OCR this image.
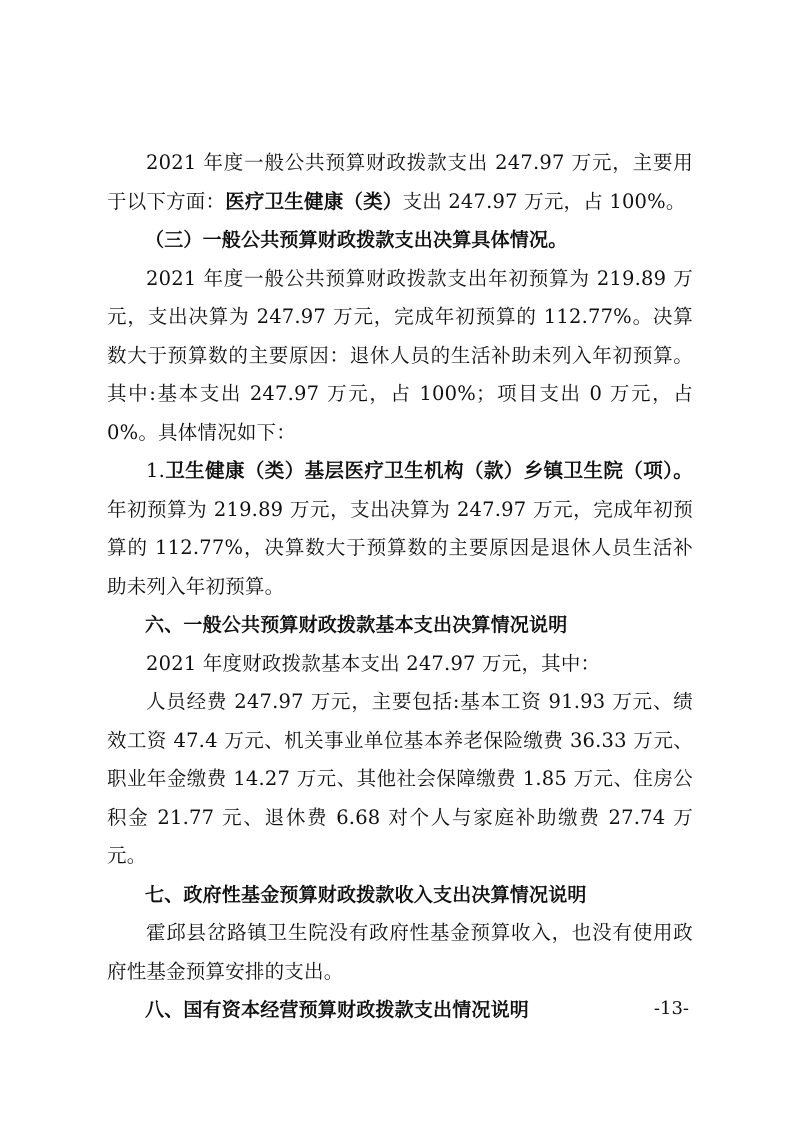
2021 年度一般公共预算财政拨款支出 247.97 万元，主要用于以下方面：医疗卫生健康（类）支出 247.97 万元，占 100%。

（三）一般公共预算财政拨款支出决算具体情况。

2021 年度一般公共预算财政拨款支出年初预算为 219.89 万元，支出决算为 247.97 万元，完成年初预算的 112.77%。决算数大于预算数的主要原因：退休人员的生活补助未列入年初预算。其中:基本支出 247.97 万元，占 100%；项目支出 0 万元，占 0%。具体情况如下：

1.卫生健康（类）基层医疗卫生机构（款）乡镇卫生院（项）。年初预算为 219.89 万元，支出决算为 247.97 万元，完成年初预算的 112.77%，决算数大于预算数的主要原因是退休人员生活补助未列入年初预算。

六、一般公共预算财政拨款基本支出决算情况说明

2021 年度财政拨款基本支出 247.97 万元，其中：

人员经费 247.97 万元，主要包括:基本工资 91.93 万元、绩效工资 47.4 万元、机关事业单位基本养老保险缴费 36.33 万元、职业年金缴费 14.27 万元、其他社会保障缴费 1.85 万元、住房公积金 21.77 元、退休费 6.68 对个人与家庭补助缴费 27.74 万元。

七、政府性基金预算财政拨款收入支出决算情况说明

霍邱县岔路镇卫生院没有政府性基金预算收入，也没有使用政府性基金预算安排的支出。

八、国有资本经营预算财政拨款支出情况说明	-13-
